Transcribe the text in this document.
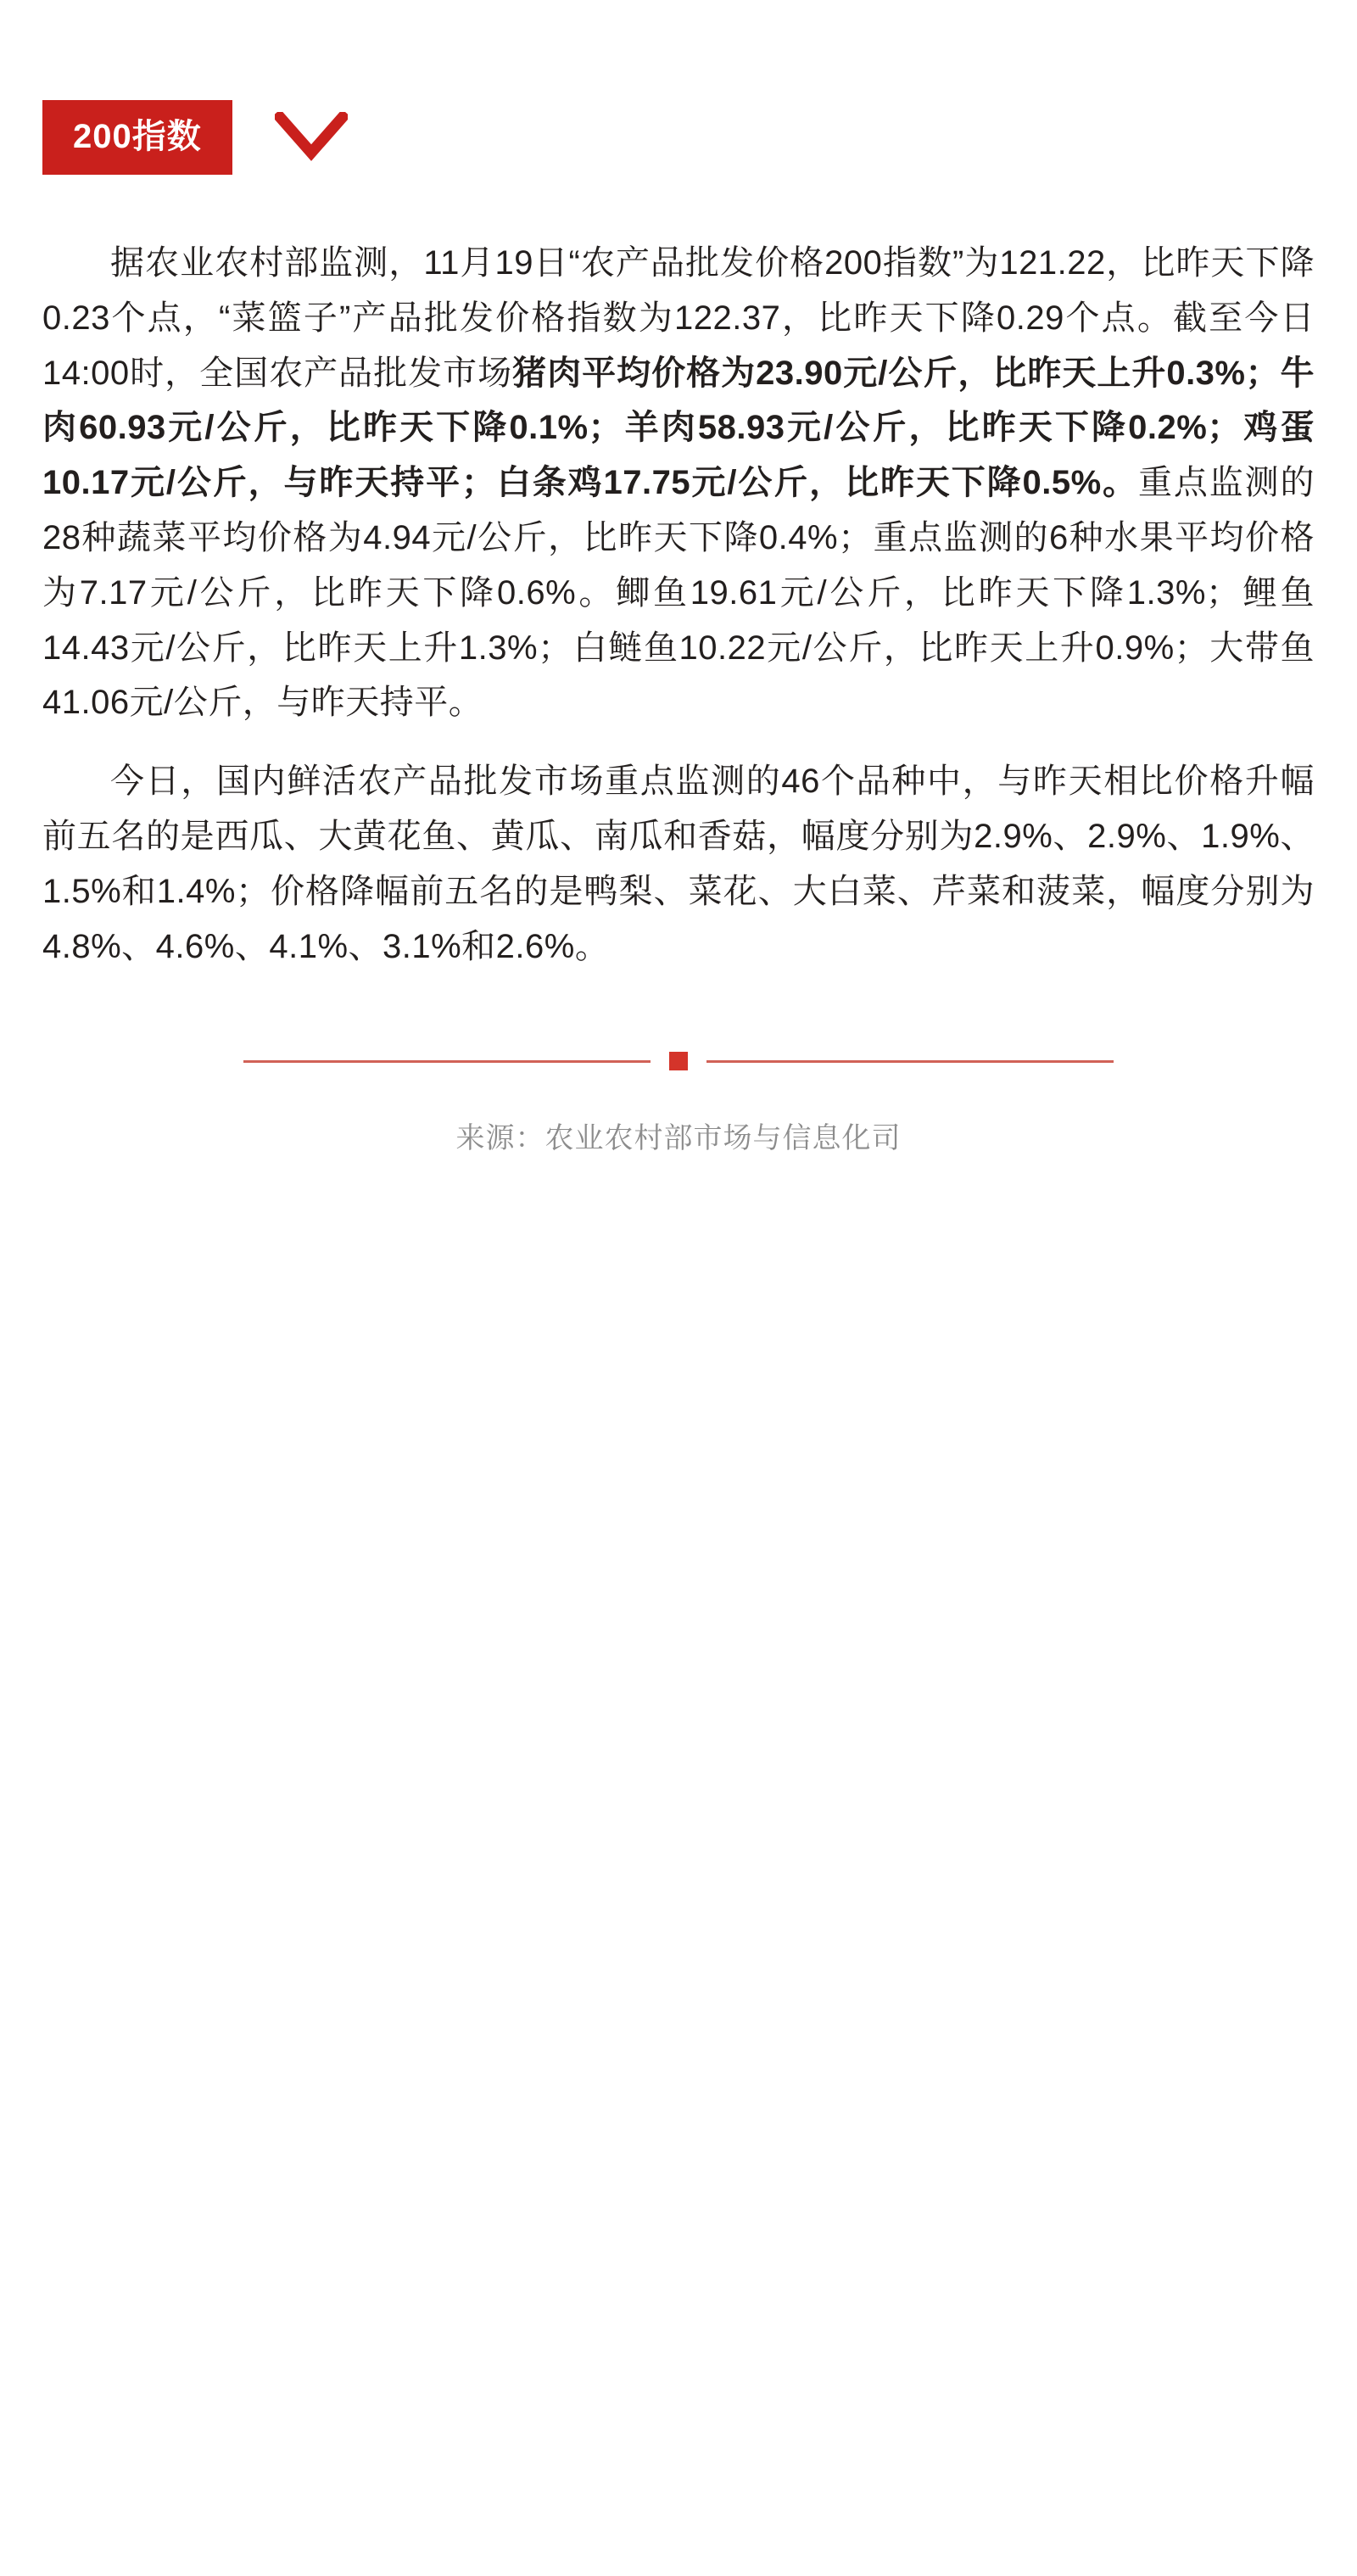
200指数

据农业农村部监测，11月19日“农产品批发价格200指数”为121.22，比昨天下降0.23个点，“菜篮子”产品批发价格指数为122.37，比昨天下降0.29个点。截至今日14:00时，全国农产品批发市场猪肉平均价格为23.90元/公斤，比昨天上升0.3%；牛肉60.93元/公斤，比昨天下降0.1%；羊肉58.93元/公斤，比昨天下降0.2%；鸡蛋10.17元/公斤，与昨天持平；白条鸡17.75元/公斤，比昨天下降0.5%。重点监测的28种蔬菜平均价格为4.94元/公斤，比昨天下降0.4%；重点监测的6种水果平均价格为7.17元/公斤，比昨天下降0.6%。鲫鱼19.61元/公斤，比昨天下降1.3%；鲤鱼14.43元/公斤，比昨天上升1.3%；白鲢鱼10.22元/公斤，比昨天上升0.9%；大带鱼41.06元/公斤，与昨天持平。

今日，国内鲜活农产品批发市场重点监测的46个品种中，与昨天相比价格升幅前五名的是西瓜、大黄花鱼、黄瓜、南瓜和香菇，幅度分别为2.9%、2.9%、1.9%、1.5%和1.4%；价格降幅前五名的是鸭梨、菜花、大白菜、芹菜和菠菜，幅度分别为4.8%、4.6%、4.1%、3.1%和2.6%。

来源：农业农村部市场与信息化司
